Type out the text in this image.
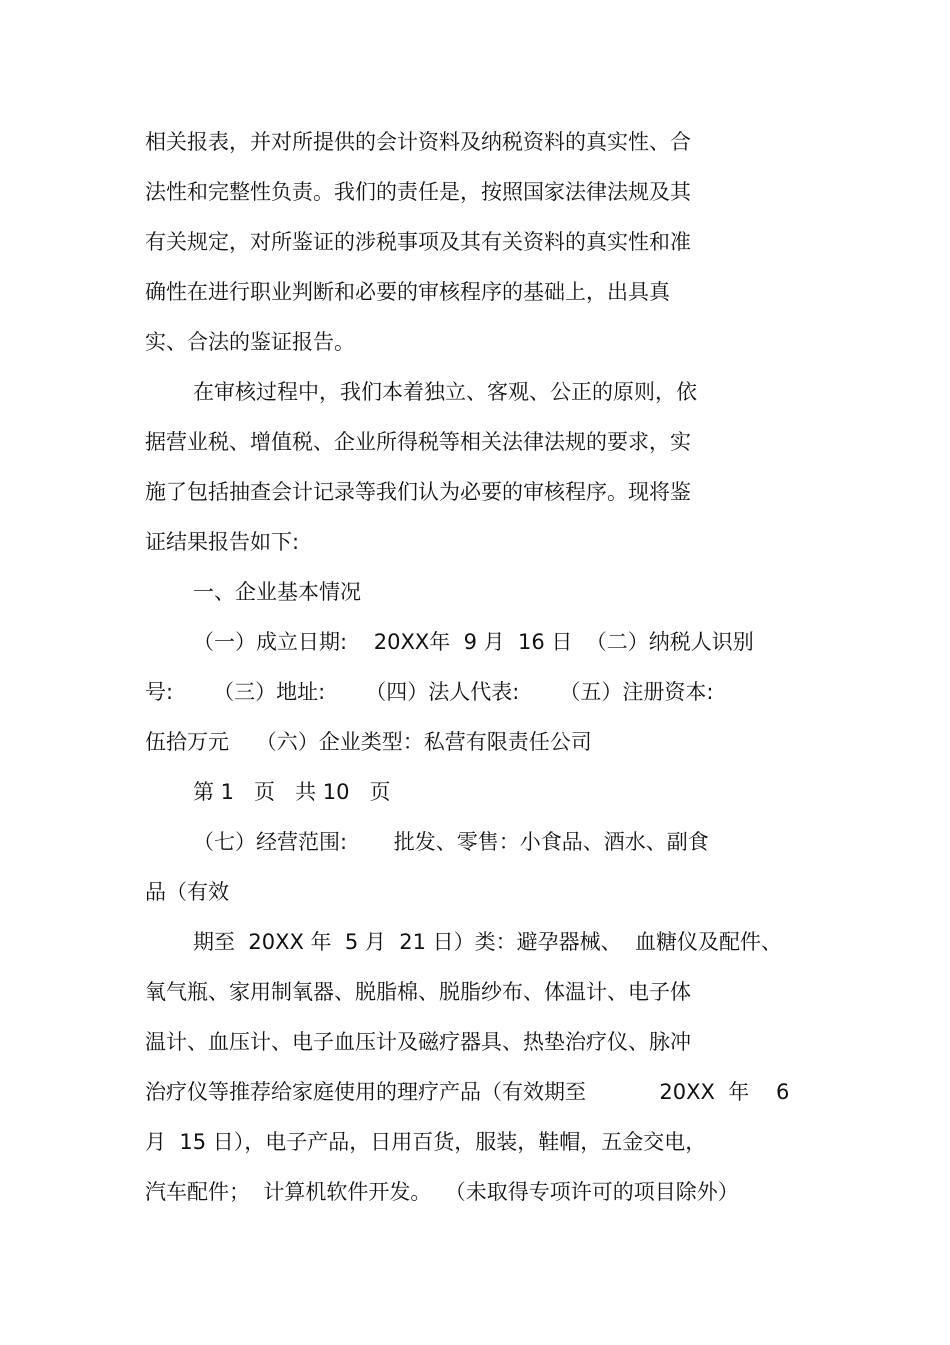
相关报表，并对所提供的会计资料及纳税资料的真实性、合
法性和完整性负责。我们的责任是，按照国家法律法规及其
有关规定，对所鉴证的涉税事项及其有关资料的真实性和准
确性在进行职业判断和必要的审核程序的基础上，出具真
实、合法的鉴证报告。
在审核过程中，我们本着独立、客观、公正的原则，依
据营业税、增值税、企业所得税等相关法律法规的要求，实
施了包括抽查会计记录等我们认为必要的审核程序。现将鉴
证结果报告如下:
一、企业基本情况
（一）成立日期:    20XX年  9 月  16 日  （二）纳税人识别
号:      （三）地址:      （四）法人代表:      （五）注册资本:
伍拾万元    （六）企业类型：私营有限责任公司
第 1   页   共 10   页
（七）经营范围:       批发、零售：小食品、酒水、副食
品（有效
期至  20XX 年  5 月  21 日）类：避孕器械、  血糖仪及配件、
氧气瓶、家用制氧器、脱脂棉、脱脂纱布、体温计、电子体
温计、血压计、电子血压计及磁疗器具、热垫治疗仪、脉冲
治疗仪等推荐给家庭使用的理疗产品（有效期至           20XX  年    6
月  15 日），电子产品，日用百货，服装，鞋帽，五金交电，
汽车配件；  计算机软件开发。  （未取得专项许可的项目除外）
